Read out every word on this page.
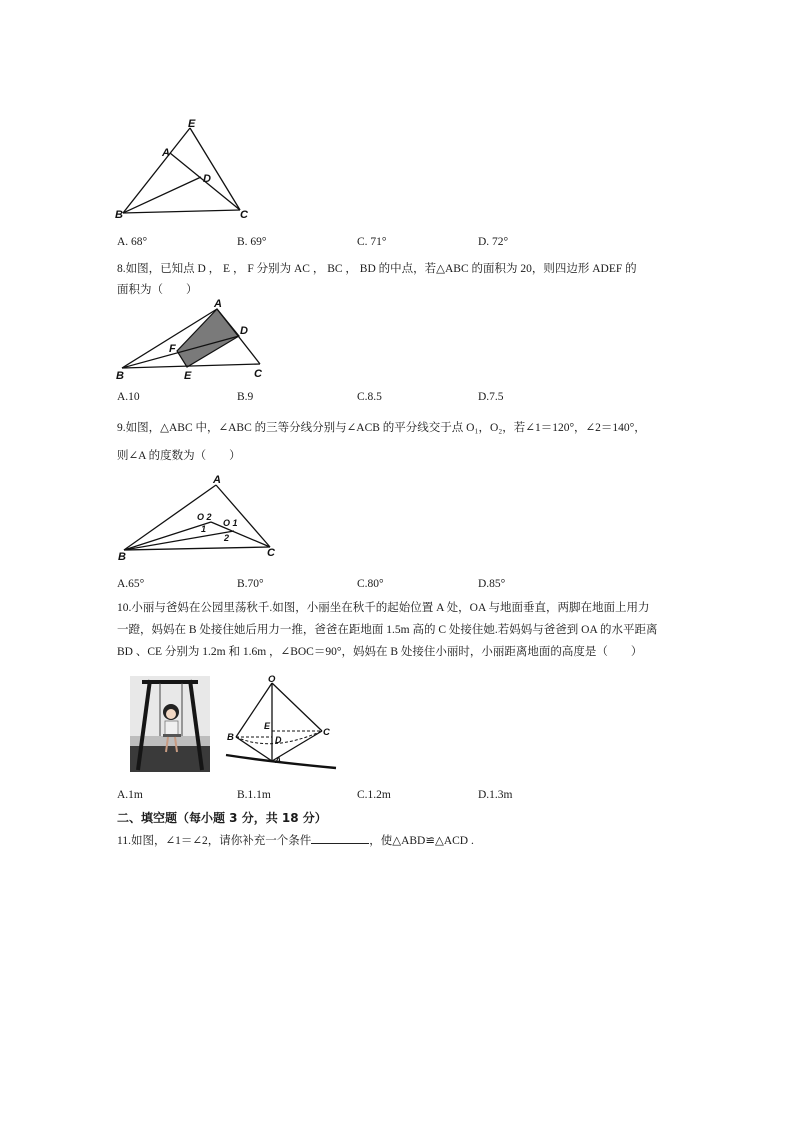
E
A
D
B	C
A. 68°	B. 69°	C. 71°	D. 72°
8.如图，已知点 D ， E ， F 分别为 AC ， BC ， BD 的中点，若△ABC 的面积为 20，则四边形 ADEF 的
面积为（　　）
A
D
F
B	E	C
A.10	B.9	C.8.5	D.7.5
9.如图，△ABC 中，∠ABC 的三等分线分别与∠ACB 的平分线交于点 O₁，O₂，若∠1＝120°，∠2＝140°，
则∠A 的度数为（　　）
A
O 2
O 1
1
2
B	C
A.65°	B.70°	C.80°	D.85°
10.小丽与爸妈在公园里荡秋千.如图，小丽坐在秋千的起始位置 A 处，OA 与地面垂直，两脚在地面上用力
一蹬，妈妈在 B 处接住她后用力一推，爸爸在距地面 1.5m 高的 C 处接住她.若妈妈与爸爸到 OA 的水平距离
BD 、CE 分别为 1.2m 和 1.6m ，∠BOC＝90°，妈妈在 B 处接住小丽时，小丽距离地面的高度是（　　）
O
E
D
B	C
A
A.1m	B.1.1m	C.1.2m	D.1.3m
二、填空题（每小题 3 分，共 18 分）
11.如图，∠1＝∠2，请你补充一个条件	，使△ABD≌△ACD .
